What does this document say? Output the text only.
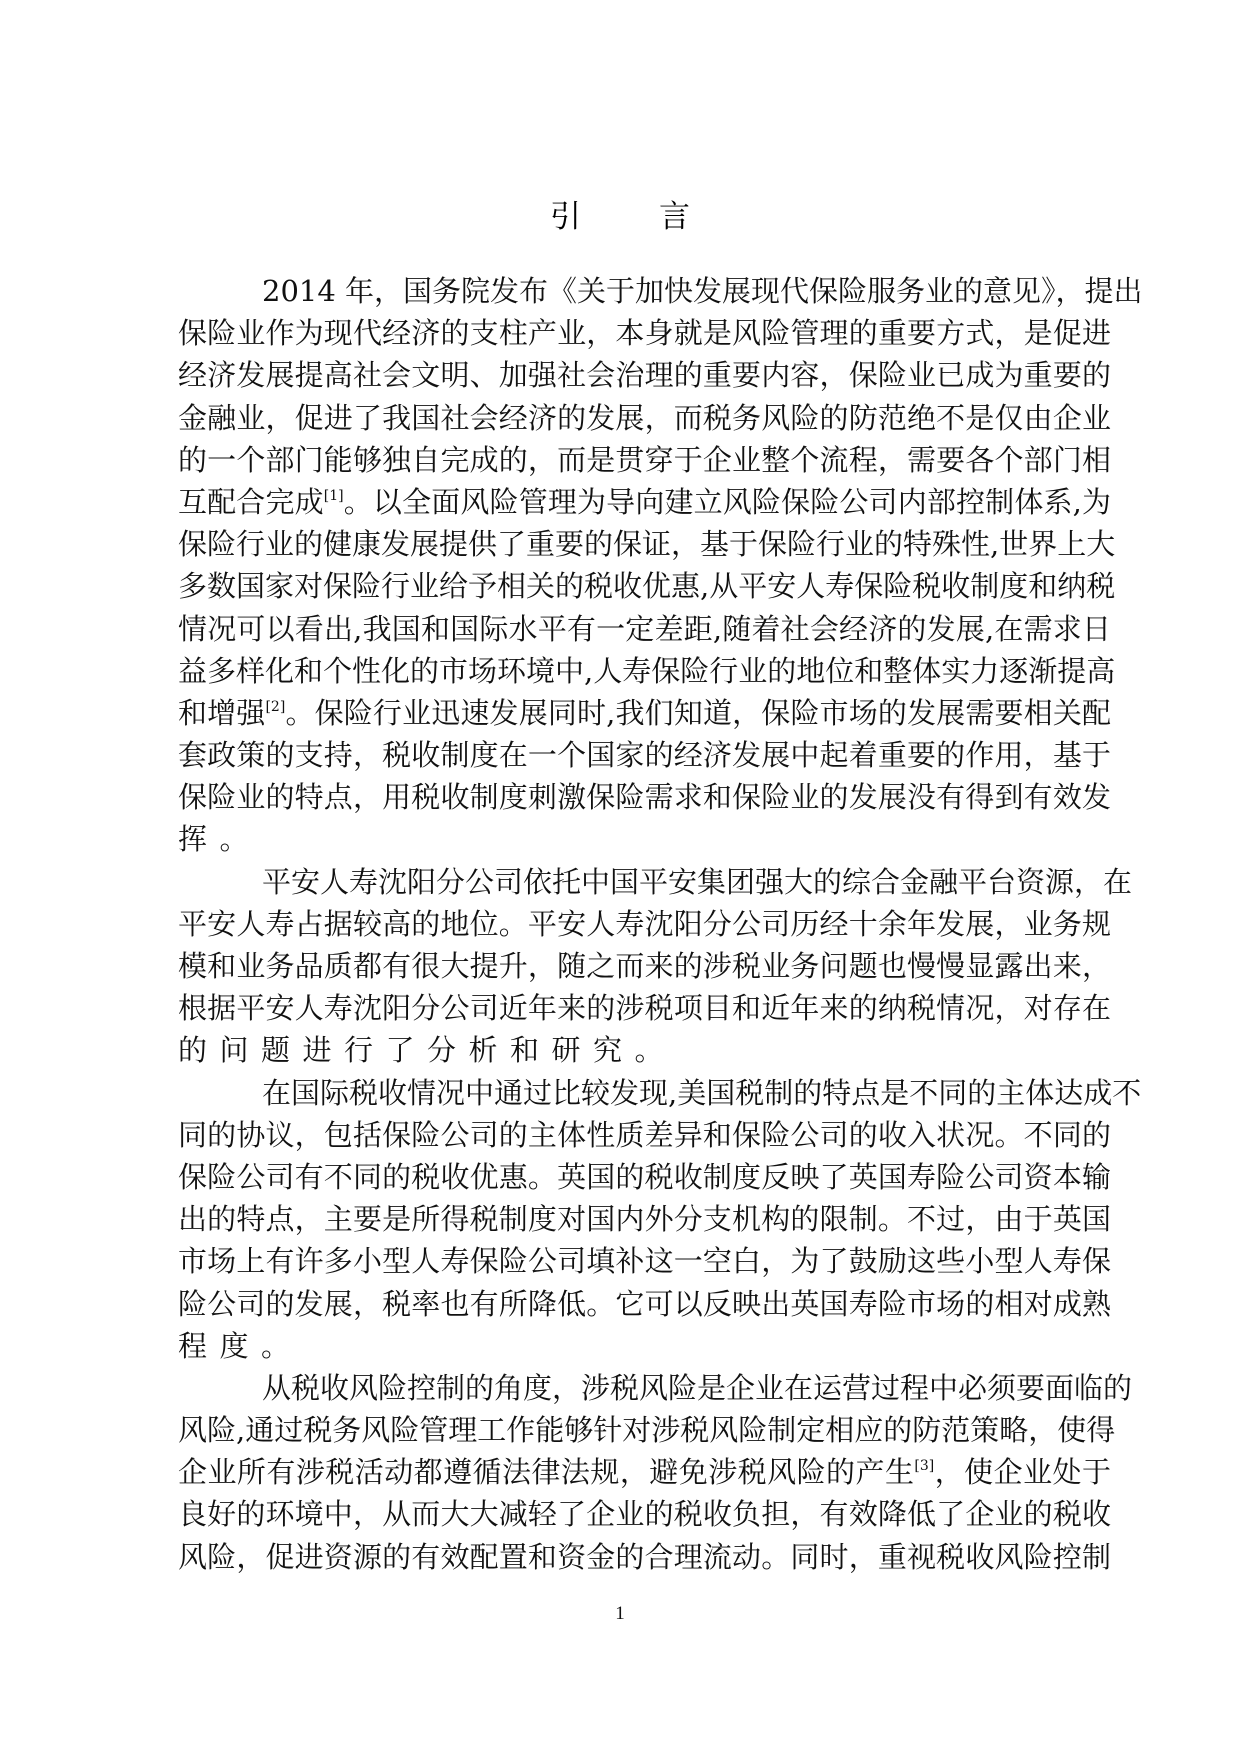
引言
2014 年，国务院发布《关于加快发展现代保险服务业的意见》，提出
保险业作为现代经济的支柱产业，本身就是风险管理的重要方式，是促进
经济发展提高社会文明、加强社会治理的重要内容，保险业已成为重要的
金融业，促进了我国社会经济的发展，而税务风险的防范绝不是仅由企业
的一个部门能够独自完成的，而是贯穿于企业整个流程，需要各个部门相
互配合完成[1]。以全面风险管理为导向建立风险保险公司内部控制体系,为
保险行业的健康发展提供了重要的保证，基于保险行业的特殊性,世界上大
多数国家对保险行业给予相关的税收优惠,从平安人寿保险税收制度和纳税
情况可以看出,我国和国际水平有一定差距,随着社会经济的发展,在需求日
益多样化和个性化的市场环境中,人寿保险行业的地位和整体实力逐渐提高
和增强[2]。保险行业迅速发展同时,我们知道，保险市场的发展需要相关配
套政策的支持，税收制度在一个国家的经济发展中起着重要的作用，基于
保险业的特点，用税收制度刺激保险需求和保险业的发展没有得到有效发
挥。
平安人寿沈阳分公司依托中国平安集团强大的综合金融平台资源，在
平安人寿占据较高的地位。平安人寿沈阳分公司历经十余年发展，业务规
模和业务品质都有很大提升，随之而来的涉税业务问题也慢慢显露出来，
根据平安人寿沈阳分公司近年来的涉税项目和近年来的纳税情况，对存在
的问题进行了分析和研究。
在国际税收情况中通过比较发现,美国税制的特点是不同的主体达成不
同的协议，包括保险公司的主体性质差异和保险公司的收入状况。不同的
保险公司有不同的税收优惠。英国的税收制度反映了英国寿险公司资本输
出的特点，主要是所得税制度对国内外分支机构的限制。不过，由于英国
市场上有许多小型人寿保险公司填补这一空白，为了鼓励这些小型人寿保
险公司的发展，税率也有所降低。它可以反映出英国寿险市场的相对成熟
程度。
从税收风险控制的角度，涉税风险是企业在运营过程中必须要面临的
风险,通过税务风险管理工作能够针对涉税风险制定相应的防范策略，使得
企业所有涉税活动都遵循法律法规，避免涉税风险的产生[3]，使企业处于
良好的环境中，从而大大减轻了企业的税收负担，有效降低了企业的税收
风险，促进资源的有效配置和资金的合理流动。同时，重视税收风险控制
1
